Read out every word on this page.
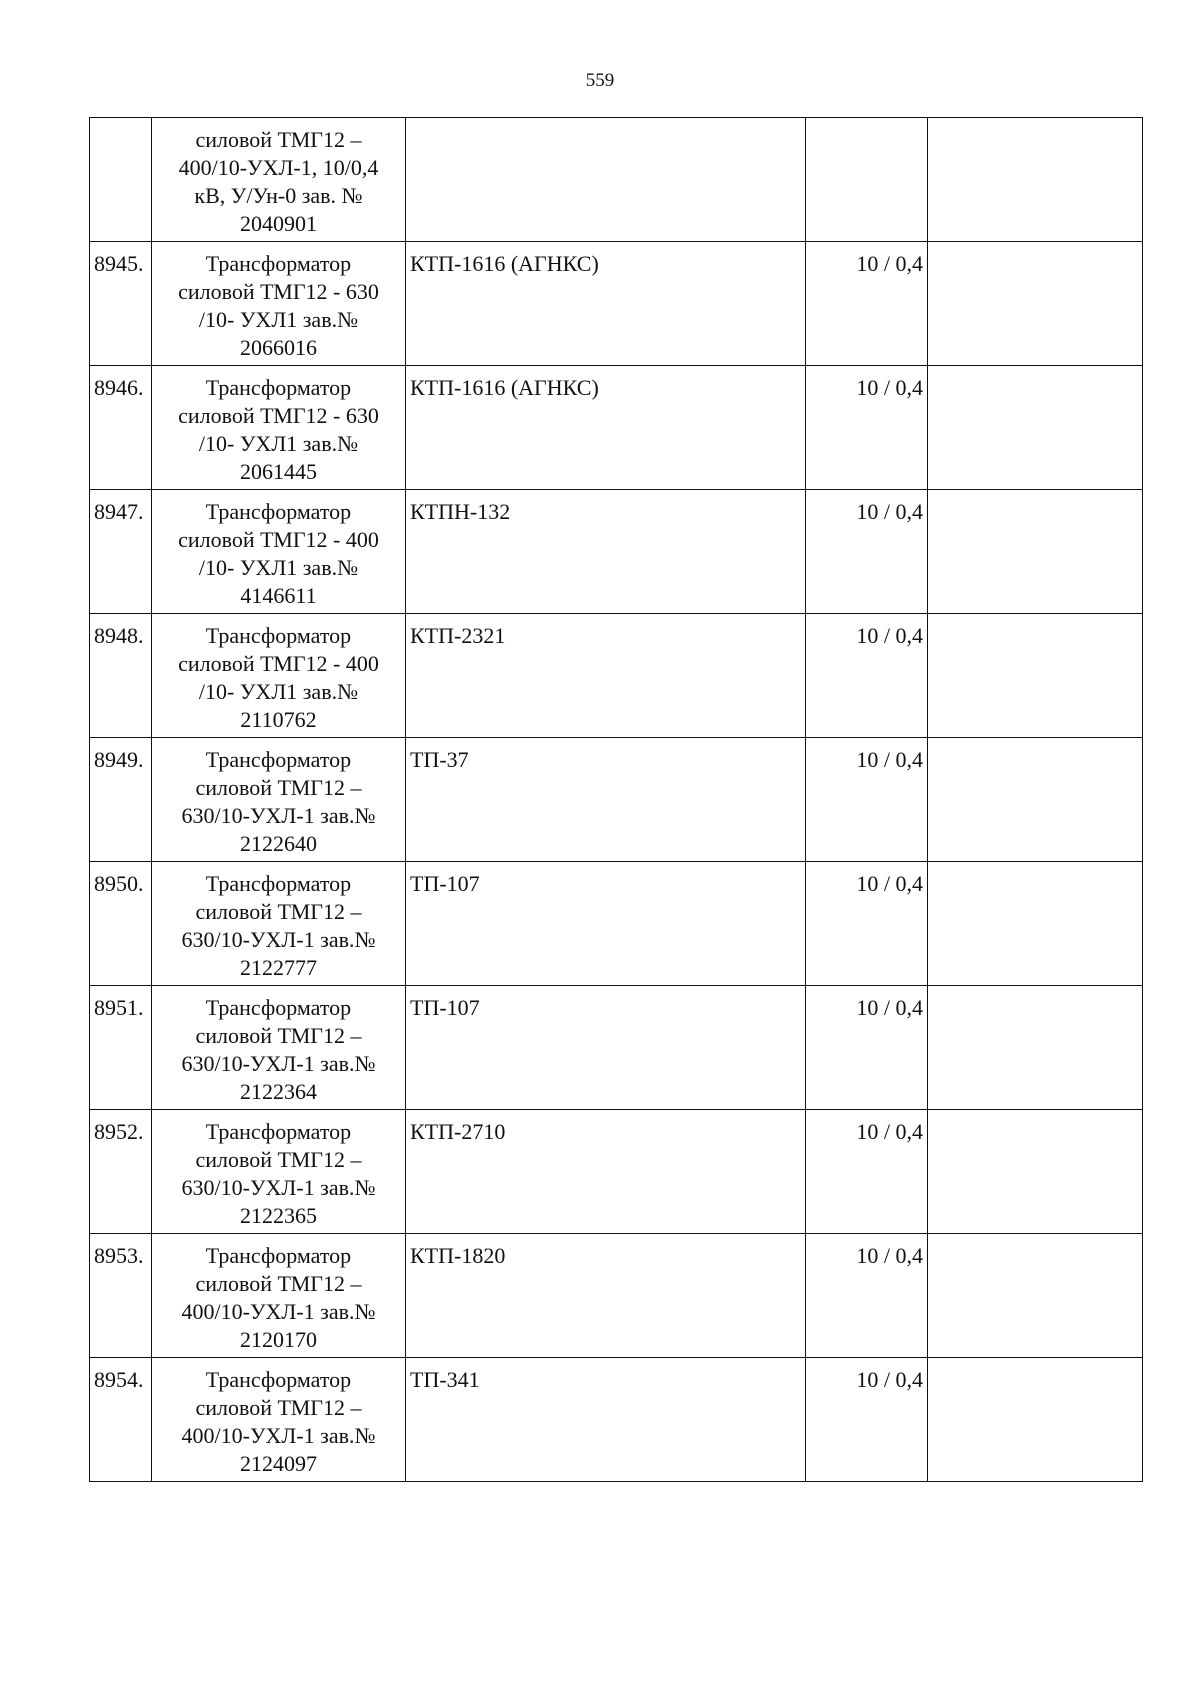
559

	силовой ТМГ12 –
400/10-УХЛ-1, 10/0,4
кВ, У/Ун-0 зав. №
2040901			

8945.	Трансформатор
силовой ТМГ12 - 630
/10- УХЛ1 зав.№
2066016	КТП-1616 (АГНКС)	10 / 0,4	
8946.	Трансформатор
силовой ТМГ12 - 630
/10- УХЛ1 зав.№
2061445	КТП-1616 (АГНКС)	10 / 0,4	
8947.	Трансформатор
силовой ТМГ12 - 400
/10- УХЛ1 зав.№
4146611	КТПН-132	10 / 0,4	
8948.	Трансформатор
силовой ТМГ12 - 400
/10- УХЛ1 зав.№
2110762	КТП-2321	10 / 0,4	
8949.	Трансформатор
силовой ТМГ12 –
630/10-УХЛ-1 зав.№
2122640	ТП-37	10 / 0,4	
8950.	Трансформатор
силовой ТМГ12 –
630/10-УХЛ-1 зав.№
2122777	ТП-107	10 / 0,4	
8951.	Трансформатор
силовой ТМГ12 –
630/10-УХЛ-1 зав.№
2122364	ТП-107	10 / 0,4	
8952.	Трансформатор
силовой ТМГ12 –
630/10-УХЛ-1 зав.№
2122365	КТП-2710	10 / 0,4	
8953.	Трансформатор
силовой ТМГ12 –
400/10-УХЛ-1 зав.№
2120170	КТП-1820	10 / 0,4	
8954.	Трансформатор
силовой ТМГ12 –
400/10-УХЛ-1 зав.№
2124097	ТП-341	10 / 0,4	
